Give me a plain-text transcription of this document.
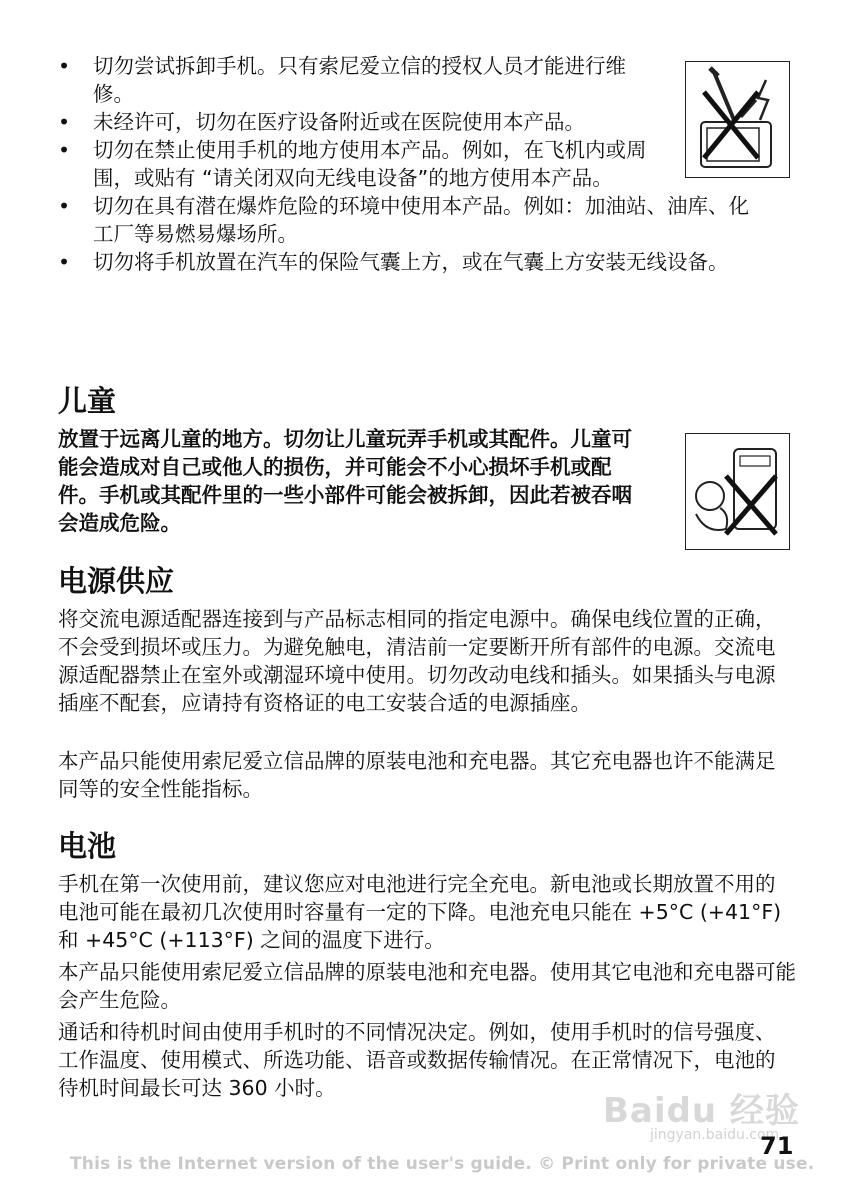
• 切勿尝试拆卸手机。只有索尼爱立信的授权人员才能进行维修。
• 未经许可，切勿在医疗设备附近或在医院使用本产品。
• 切勿在禁止使用手机的地方使用本产品。例如，在飞机内或周围，或贴有 “请关闭双向无线电设备”的地方使用本产品。
• 切勿在具有潜在爆炸危险的环境中使用本产品。例如：加油站、油库、化工厂等易燃易爆场所。
• 切勿将手机放置在汽车的保险气囊上方，或在气囊上方安装无线设备。
儿童

放置于远离儿童的地方。切勿让儿童玩弄手机或其配件。儿童可能会造成对自己或他人的损伤，并可能会不小心损坏手机或配件。手机或其配件里的一些小部件可能会被拆卸，因此若被吞咽会造成危险。

电源供应

将交流电源适配器连接到与产品标志相同的指定电源中。确保电线位置的正确，不会受到损坏或压力。为避免触电，清洁前一定要断开所有部件的电源。交流电源适配器禁止在室外或潮湿环境中使用。切勿改动电线和插头。如果插头与电源插座不配套，应请持有资格证的电工安装合适的电源插座。

本产品只能使用索尼爱立信品牌的原装电池和充电器。其它充电器也许不能满足同等的安全性能指标。

电池

手机在第一次使用前，建议您应对电池进行完全充电。新电池或长期放置不用的电池可能在最初几次使用时容量有一定的下降。电池充电只能在 +5°C (+41°F) 和 +45°C (+113°F) 之间的温度下进行。

本产品只能使用索尼爱立信品牌的原装电池和充电器。使用其它电池和充电器可能会产生危险。

通话和待机时间由使用手机时的不同情况决定。例如，使用手机时的信号强度、工作温度、使用模式、所选功能、语音或数据传输情况。在正常情况下，电池的待机时间最长可达 360 小时。

Baidu 经验
jingyan.baidu.com
71
This is the Internet version of the user's guide. © Print only for private use.
